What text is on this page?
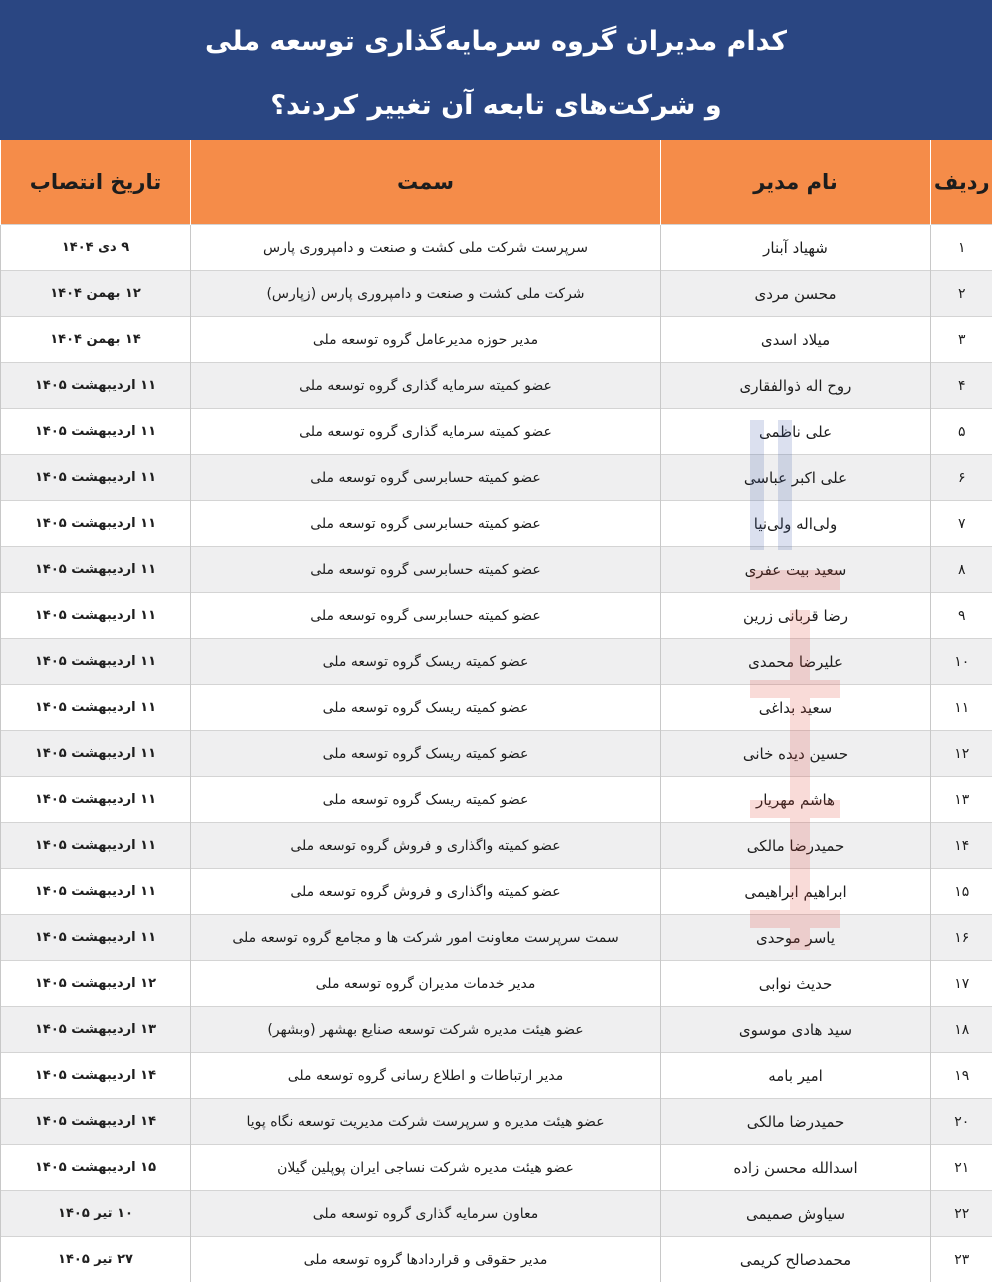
کدام مدیران گروه سرمایه‌گذاری توسعه ملی
و شرکت‌های تابعه آن تغییر کردند؟
ردیف	نام مدیر	سمت	تاریخ انتصاب
۱	شهیاد آبنار	سرپرست شرکت ملی کشت و صنعت و دامپروری پارس	۹ دی ۱۴۰۴
۲	محسن مردی	شرکت ملی کشت و صنعت و دامپروری پارس (زپارس)	۱۲ بهمن ۱۴۰۴
۳	میلاد اسدی	مدیر حوزه مدیرعامل گروه توسعه ملی	۱۴ بهمن ۱۴۰۴
۴	روح اله ذوالفقاری	عضو کمیته سرمایه گذاری گروه توسعه ملی	۱۱ اردیبهشت ۱۴۰۵
۵	علی ناظمی	عضو کمیته سرمایه گذاری گروه توسعه ملی	۱۱ اردیبهشت ۱۴۰۵
۶	علی اکبر عباسی	عضو کمیته حسابرسی گروه توسعه ملی	۱۱ اردیبهشت ۱۴۰۵
۷	ولی‌اله ولی‌نیا	عضو کمیته حسابرسی گروه توسعه ملی	۱۱ اردیبهشت ۱۴۰۵
۸	سعید بیت عفری	عضو کمیته حسابرسی گروه توسعه ملی	۱۱ اردیبهشت ۱۴۰۵
۹	رضا قربانی زرین	عضو کمیته حسابرسی گروه توسعه ملی	۱۱ اردیبهشت ۱۴۰۵
۱۰	علیرضا محمدی	عضو کمیته ریسک گروه توسعه ملی	۱۱ اردیبهشت ۱۴۰۵
۱۱	سعید بداغی	عضو کمیته ریسک گروه توسعه ملی	۱۱ اردیبهشت ۱۴۰۵
۱۲	حسین دیده خانی	عضو کمیته ریسک گروه توسعه ملی	۱۱ اردیبهشت ۱۴۰۵
۱۳	هاشم مهریار	عضو کمیته ریسک گروه توسعه ملی	۱۱ اردیبهشت ۱۴۰۵
۱۴	حمیدرضا مالکی	عضو کمیته واگذاری و فروش گروه توسعه ملی	۱۱ اردیبهشت ۱۴۰۵
۱۵	ابراهیم ابراهیمی	عضو کمیته واگذاری و فروش گروه توسعه ملی	۱۱ اردیبهشت ۱۴۰۵
۱۶	یاسر موحدی	سمت سرپرست معاونت امور شرکت ها و مجامع گروه توسعه ملی	۱۱ اردیبهشت ۱۴۰۵
۱۷	حدیث نوابی	مدیر خدمات مدیران گروه توسعه ملی	۱۲ اردیبهشت ۱۴۰۵
۱۸	سید هادی موسوی	عضو هیئت مدیره شرکت توسعه صنایع بهشهر (وبشهر)	۱۳ اردیبهشت ۱۴۰۵
۱۹	امیر بامه	مدیر ارتباطات و اطلاع رسانی گروه توسعه ملی	۱۴ اردیبهشت ۱۴۰۵
۲۰	حمیدرضا مالکی	عضو هیئت مدیره و سرپرست شرکت مدیریت توسعه نگاه پویا	۱۴ اردیبهشت ۱۴۰۵
۲۱	اسدالله محسن زاده	عضو هیئت مدیره شرکت نساجی ایران پوپلین گیلان	۱۵ اردیبهشت ۱۴۰۵
۲۲	سیاوش صمیمی	معاون سرمایه گذاری گروه توسعه ملی	۱۰ تیر ۱۴۰۵
۲۳	محمدصالح کریمی	مدیر حقوقی و قراردادها گروه توسعه ملی	۲۷ تیر ۱۴۰۵
